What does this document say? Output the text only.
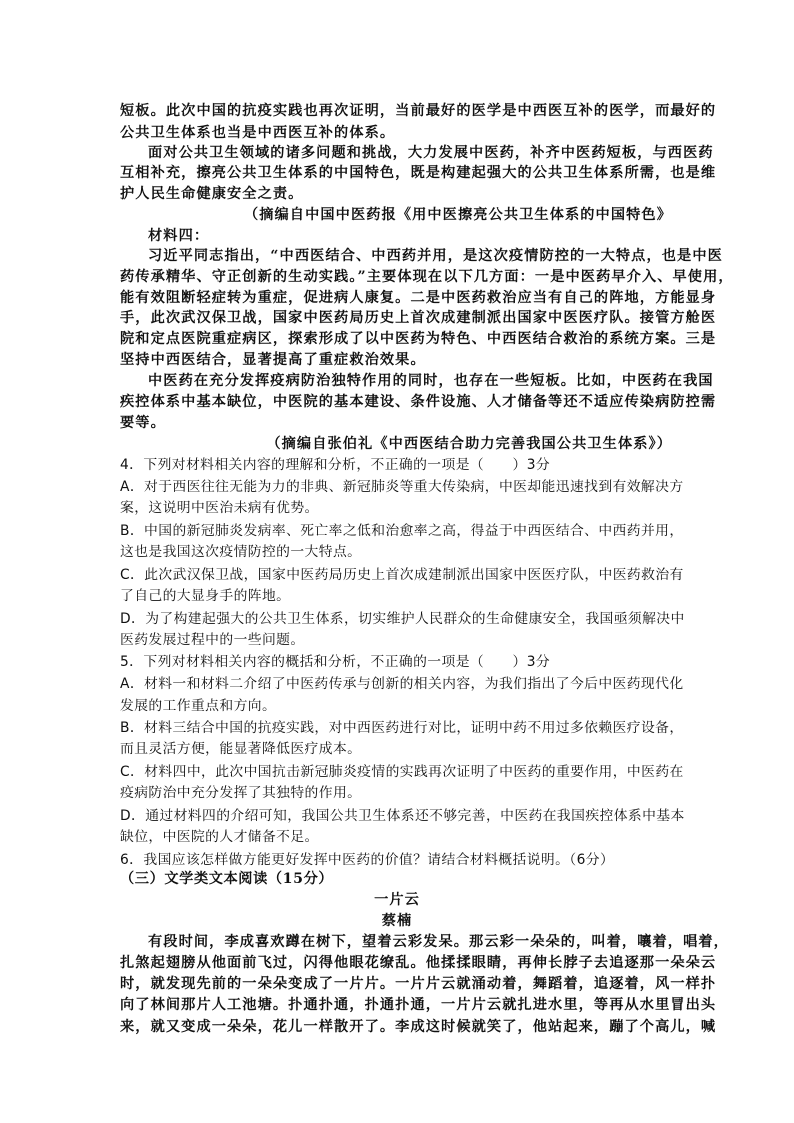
短板。此次中国的抗疫实践也再次证明，当前最好的医学是中西医互补的医学，而最好的
公共卫生体系也当是中西医互补的体系。
面对公共卫生领域的诸多问题和挑战，大力发展中医药，补齐中医药短板，与西医药
互相补充，擦亮公共卫生体系的中国特色，既是构建起强大的公共卫生体系所需，也是维
护人民生命健康安全之责。
（摘编自中国中医药报《用中医擦亮公共卫生体系的中国特色》
材料四：
习近平同志指出，“中西医结合、中西药并用，是这次疫情防控的一大特点，也是中医
药传承精华、守正创新的生动实践。”主要体现在以下几方面：一是中医药早介入、早使用，
能有效阻断轻症转为重症，促进病人康复。二是中医药救治应当有自己的阵地，方能显身
手，此次武汉保卫战，国家中医药局历史上首次成建制派出国家中医医疗队。接管方舱医
院和定点医院重症病区，探索形成了以中医药为特色、中西医结合救治的系统方案。三是
坚持中西医结合，显著提高了重症救治效果。
中医药在充分发挥疫病防治独特作用的同时，也存在一些短板。比如，中医药在我国
疾控体系中基本缺位，中医院的基本建设、条件设施、人才储备等还不适应传染病防控需
要等。
（摘编自张伯礼《中西医结合助力完善我国公共卫生体系》）
4．下列对材料相关内容的理解和分析，不正确的一项是（　　）3分
A．对于西医往往无能为力的非典、新冠肺炎等重大传染病，中医却能迅速找到有效解决方
案，这说明中医治未病有优势。
B．中国的新冠肺炎发病率、死亡率之低和治愈率之高，得益于中西医结合、中西药并用，
这也是我国这次疫情防控的一大特点。
C．此次武汉保卫战，国家中医药局历史上首次成建制派出国家中医医疗队，中医药救治有
了自己的大显身手的阵地。
D．为了构建起强大的公共卫生体系，切实维护人民群众的生命健康安全，我国亟须解决中
医药发展过程中的一些问题。
5．下列对材料相关内容的概括和分析，不正确的一项是（　　）3分
A．材料一和材料二介绍了中医药传承与创新的相关内容，为我们指出了今后中医药现代化
发展的工作重点和方向。
B．材料三结合中国的抗疫实践，对中西医药进行对比，证明中药不用过多依赖医疗设备，
而且灵活方便，能显著降低医疗成本。
C．材料四中，此次中国抗击新冠肺炎疫情的实践再次证明了中医药的重要作用，中医药在
疫病防治中充分发挥了其独特的作用。
D．通过材料四的介绍可知，我国公共卫生体系还不够完善，中医药在我国疾控体系中基本
缺位，中医院的人才储备不足。
6．我国应该怎样做方能更好发挥中医药的价值？请结合材料概括说明。（6分）
（三）文学类文本阅读（15分）
一片云
蔡楠
有段时间，李成喜欢蹲在树下，望着云彩发呆。那云彩一朵朵的，叫着，嚷着，唱着，
扎煞起翅膀从他面前飞过，闪得他眼花缭乱。他揉揉眼睛，再伸长脖子去追逐那一朵朵云
时，就发现先前的一朵朵变成了一片片。一片片云就涌动着，舞蹈着，追逐着，风一样扑
向了林间那片人工池塘。扑通扑通，扑通扑通，一片片云就扎进水里，等再从水里冒出头
来，就又变成一朵朵，花儿一样散开了。李成这时候就笑了，他站起来，蹦了个高儿，喊
